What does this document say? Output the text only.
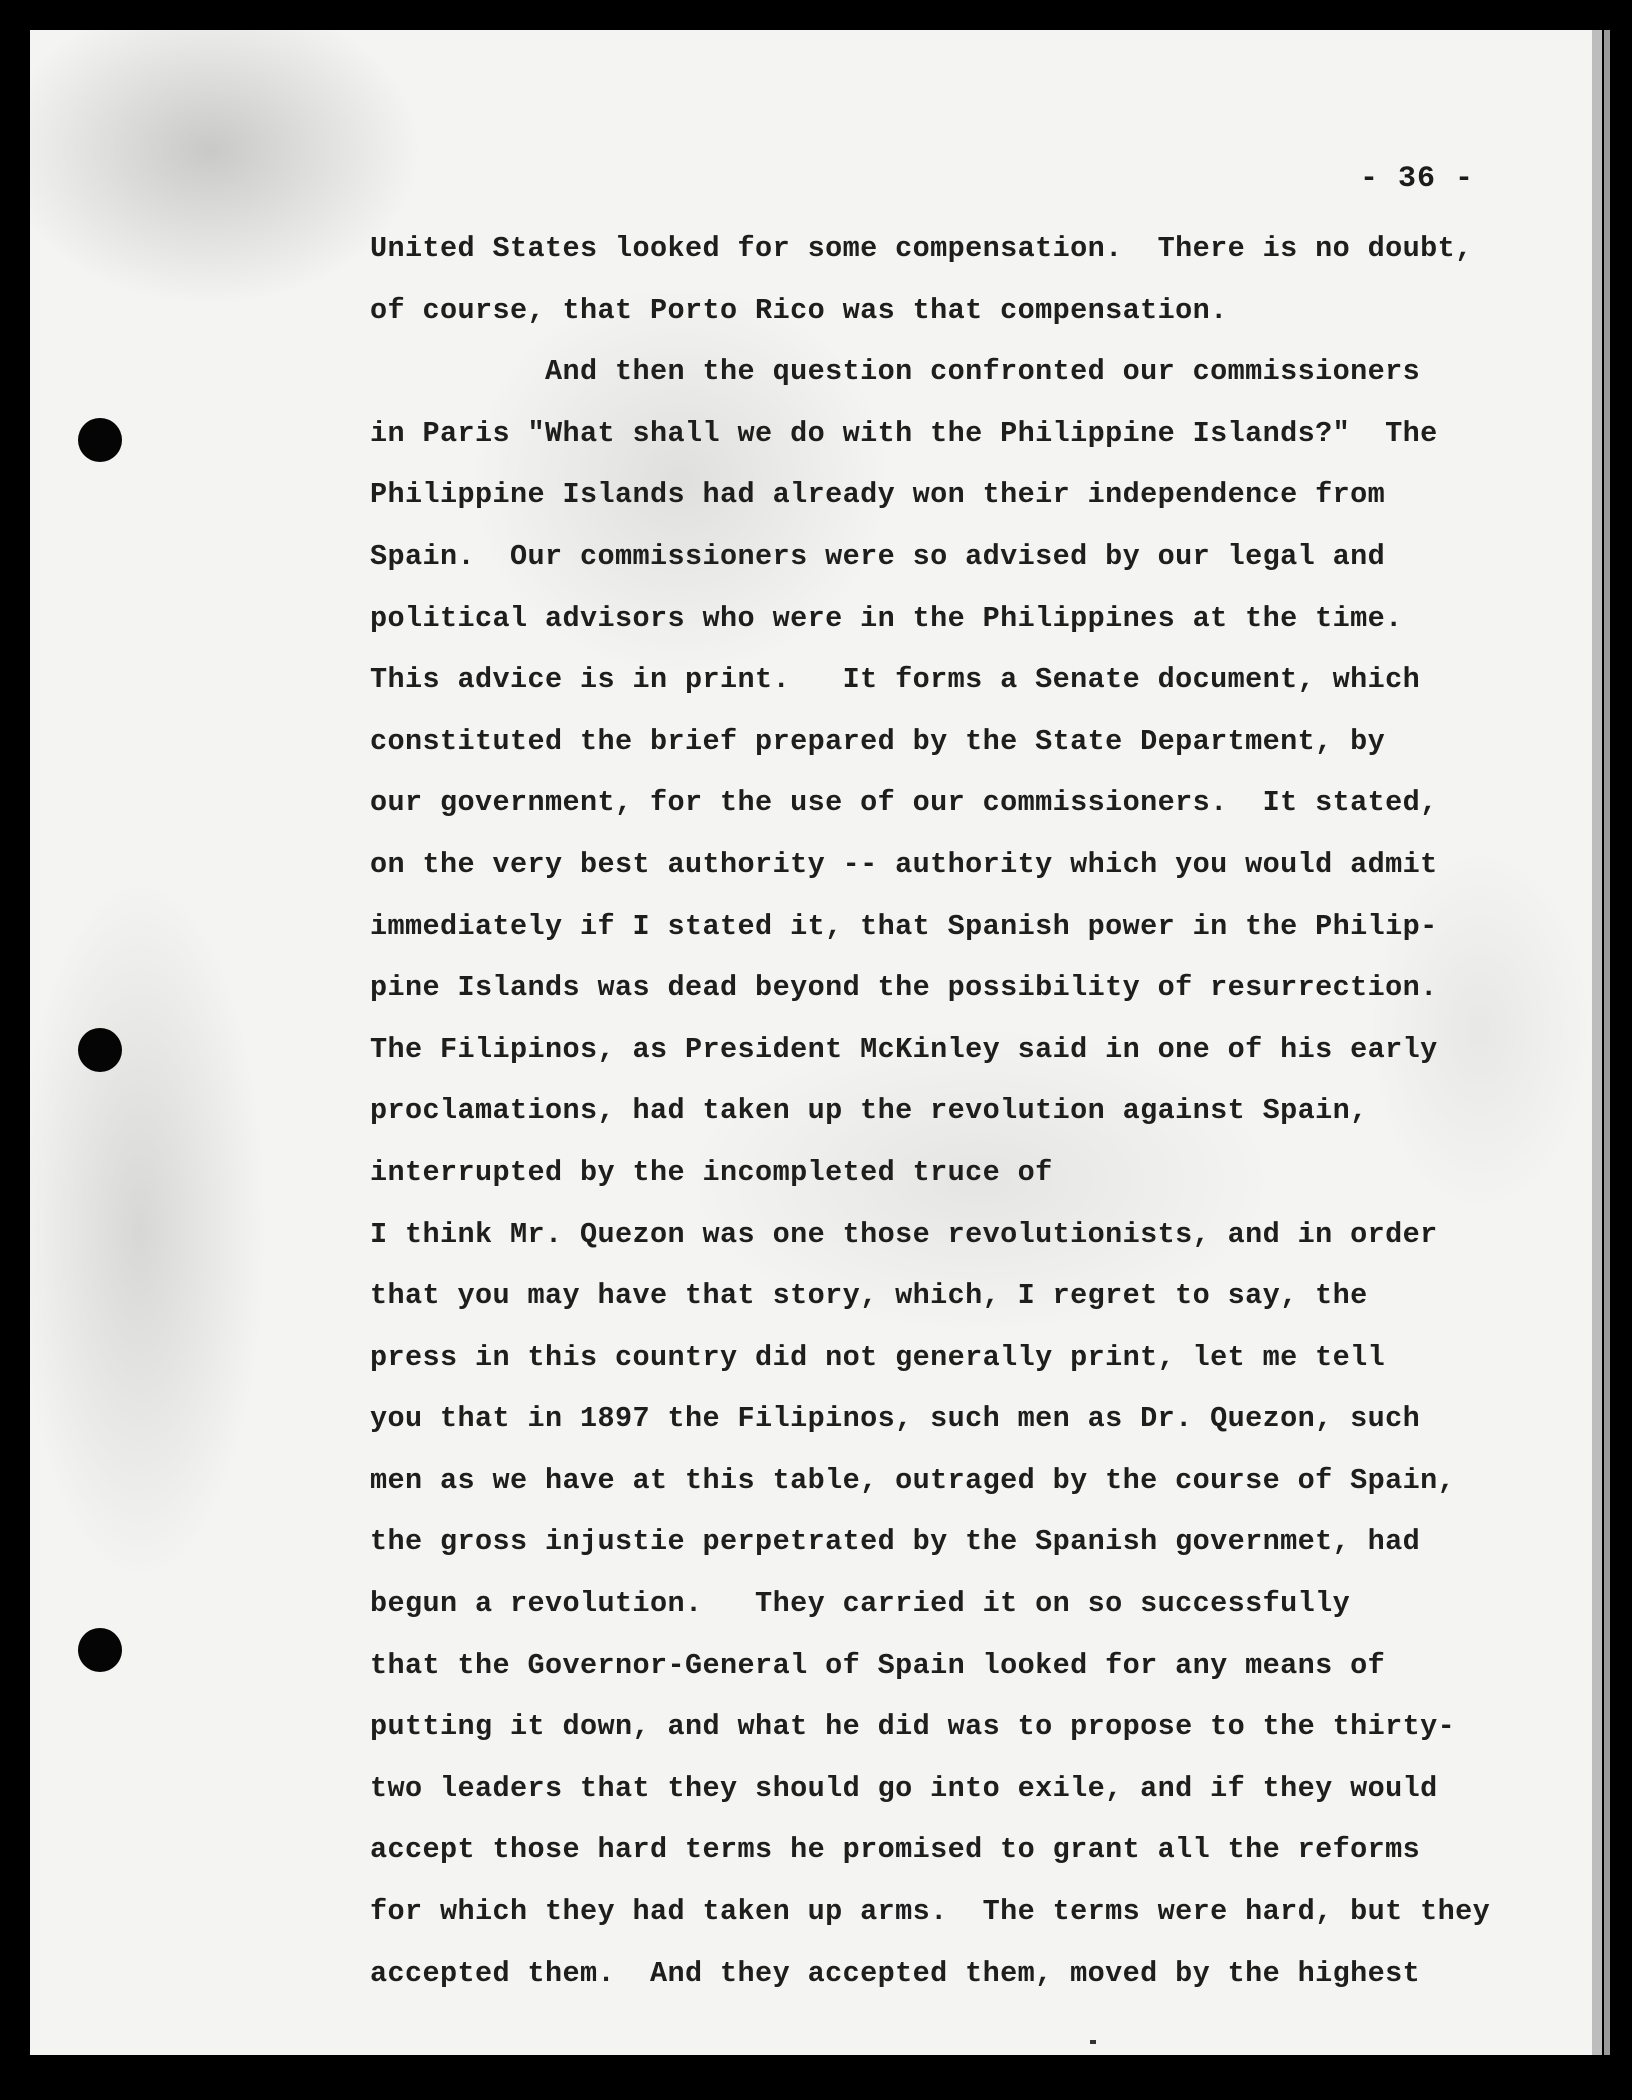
- 36 -
United States looked for some compensation.  There is no doubt,
of course, that Porto Rico was that compensation.
And then the question confronted our commissioners
in Paris "What shall we do with the Philippine Islands?"  The
Philippine Islands had already won their independence from
Spain.  Our commissioners were so advised by our legal and
political advisors who were in the Philippines at the time.
This advice is in print.   It forms a Senate document, which
constituted the brief prepared by the State Department, by
our government, for the use of our commissioners.  It stated,
on the very best authority -- authority which you would admit
immediately if I stated it, that Spanish power in the Philip-
pine Islands was dead beyond the possibility of resurrection.
The Filipinos, as President McKinley said in one of his early
proclamations, had taken up the revolution against Spain,
interrupted by the incompleted truce of
I think Mr. Quezon was one those revolutionists, and in order
that you may have that story, which, I regret to say, the
press in this country did not generally print, let me tell
you that in 1897 the Filipinos, such men as Dr. Quezon, such
men as we have at this table, outraged by the course of Spain,
the gross injustie perpetrated by the Spanish governmet, had
begun a revolution.   They carried it on so successfully
that the Governor-General of Spain looked for any means of
putting it down, and what he did was to propose to the thirty-
two leaders that they should go into exile, and if they would
accept those hard terms he promised to grant all the reforms
for which they had taken up arms.  The terms were hard, but they
accepted them.  And they accepted them, moved by the highest
